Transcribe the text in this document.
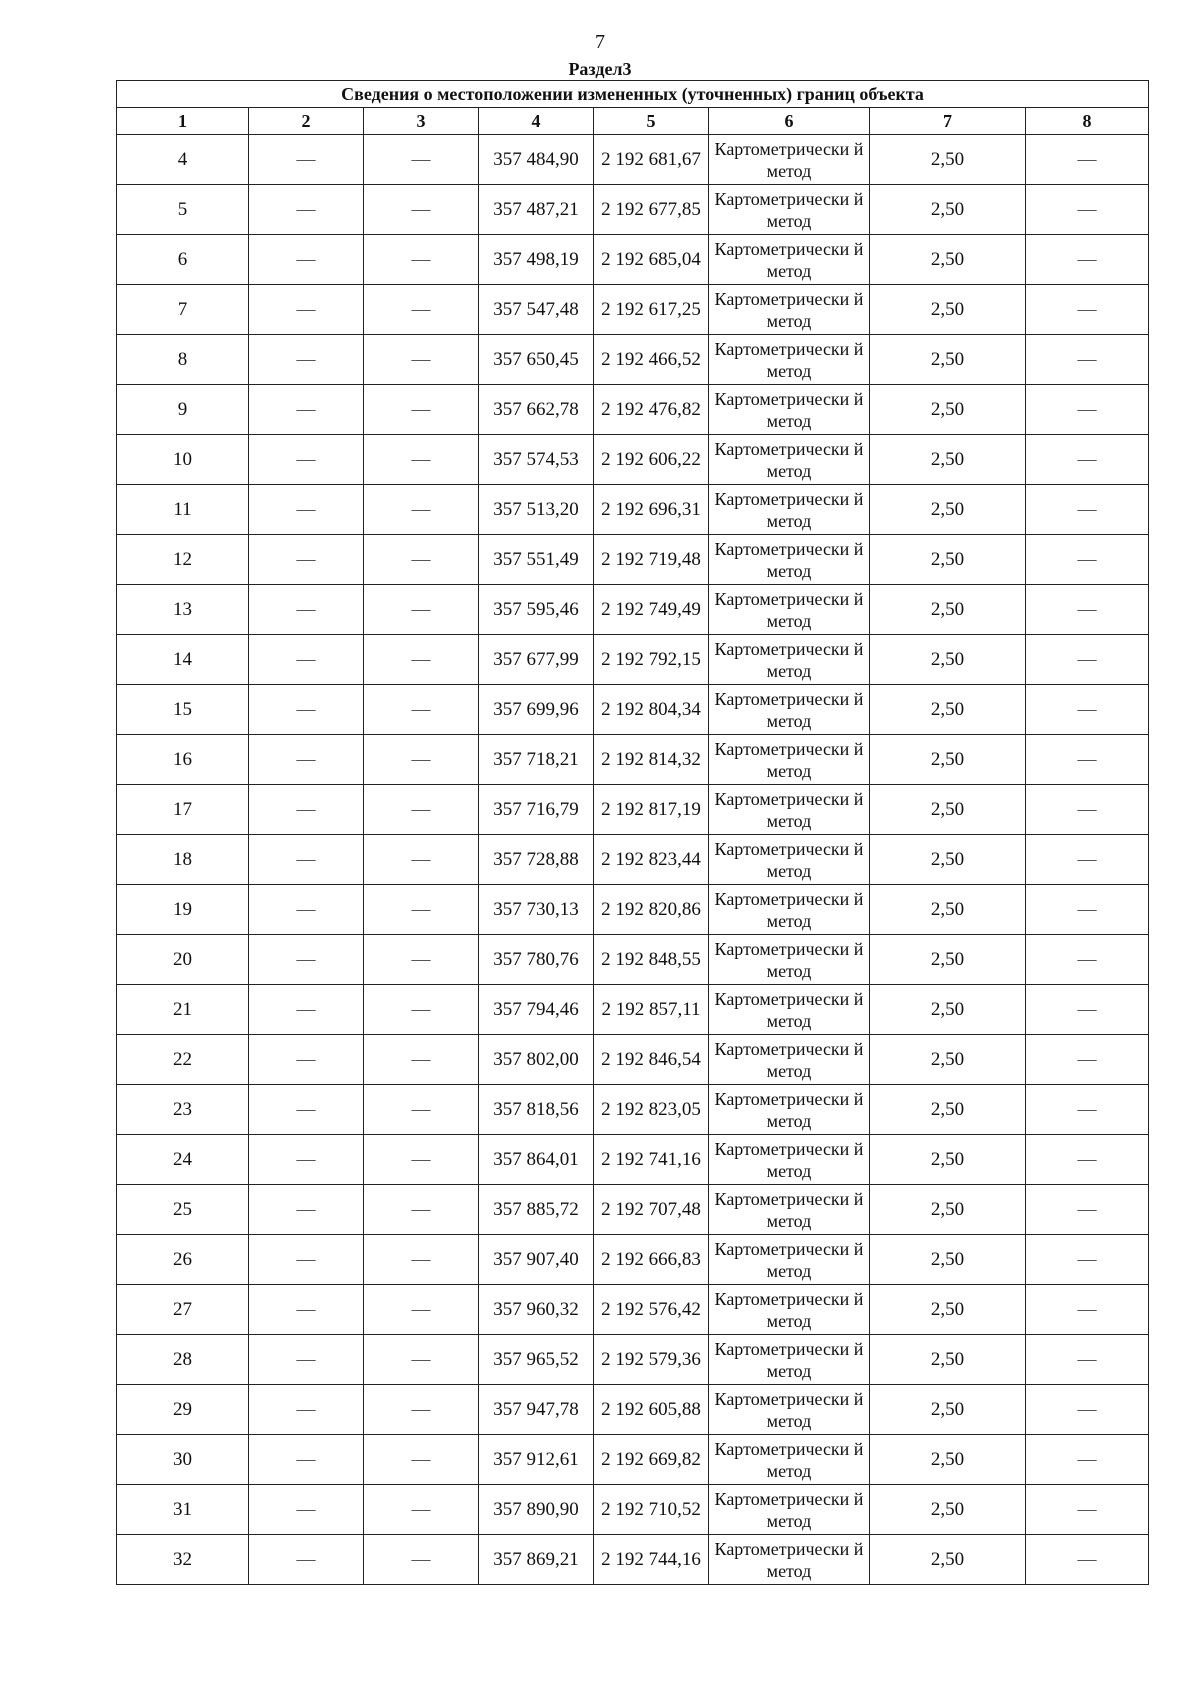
7
Раздел3
Сведения о местоположении измененных (уточненных) границ объекта							
1	2	3	4	5	6	7	8
4	—	—	357 484,90	2 192 681,67	Картометрически й метод	2,50	—
5	—	—	357 487,21	2 192 677,85	Картометрически й метод	2,50	—
6	—	—	357 498,19	2 192 685,04	Картометрически й метод	2,50	—
7	—	—	357 547,48	2 192 617,25	Картометрически й метод	2,50	—
8	—	—	357 650,45	2 192 466,52	Картометрически й метод	2,50	—
9	—	—	357 662,78	2 192 476,82	Картометрически й метод	2,50	—
10	—	—	357 574,53	2 192 606,22	Картометрически й метод	2,50	—
11	—	—	357 513,20	2 192 696,31	Картометрически й метод	2,50	—
12	—	—	357 551,49	2 192 719,48	Картометрически й метод	2,50	—
13	—	—	357 595,46	2 192 749,49	Картометрически й метод	2,50	—
14	—	—	357 677,99	2 192 792,15	Картометрически й метод	2,50	—
15	—	—	357 699,96	2 192 804,34	Картометрически й метод	2,50	—
16	—	—	357 718,21	2 192 814,32	Картометрически й метод	2,50	—
17	—	—	357 716,79	2 192 817,19	Картометрически й метод	2,50	—
18	—	—	357 728,88	2 192 823,44	Картометрически й метод	2,50	—
19	—	—	357 730,13	2 192 820,86	Картометрически й метод	2,50	—
20	—	—	357 780,76	2 192 848,55	Картометрически й метод	2,50	—
21	—	—	357 794,46	2 192 857,11	Картометрически й метод	2,50	—
22	—	—	357 802,00	2 192 846,54	Картометрически й метод	2,50	—
23	—	—	357 818,56	2 192 823,05	Картометрически й метод	2,50	—
24	—	—	357 864,01	2 192 741,16	Картометрически й метод	2,50	—
25	—	—	357 885,72	2 192 707,48	Картометрически й метод	2,50	—
26	—	—	357 907,40	2 192 666,83	Картометрически й метод	2,50	—
27	—	—	357 960,32	2 192 576,42	Картометрически й метод	2,50	—
28	—	—	357 965,52	2 192 579,36	Картометрически й метод	2,50	—
29	—	—	357 947,78	2 192 605,88	Картометрически й метод	2,50	—
30	—	—	357 912,61	2 192 669,82	Картометрически й метод	2,50	—
31	—	—	357 890,90	2 192 710,52	Картометрически й метод	2,50	—
32	—	—	357 869,21	2 192 744,16	Картометрически й метод	2,50	—
